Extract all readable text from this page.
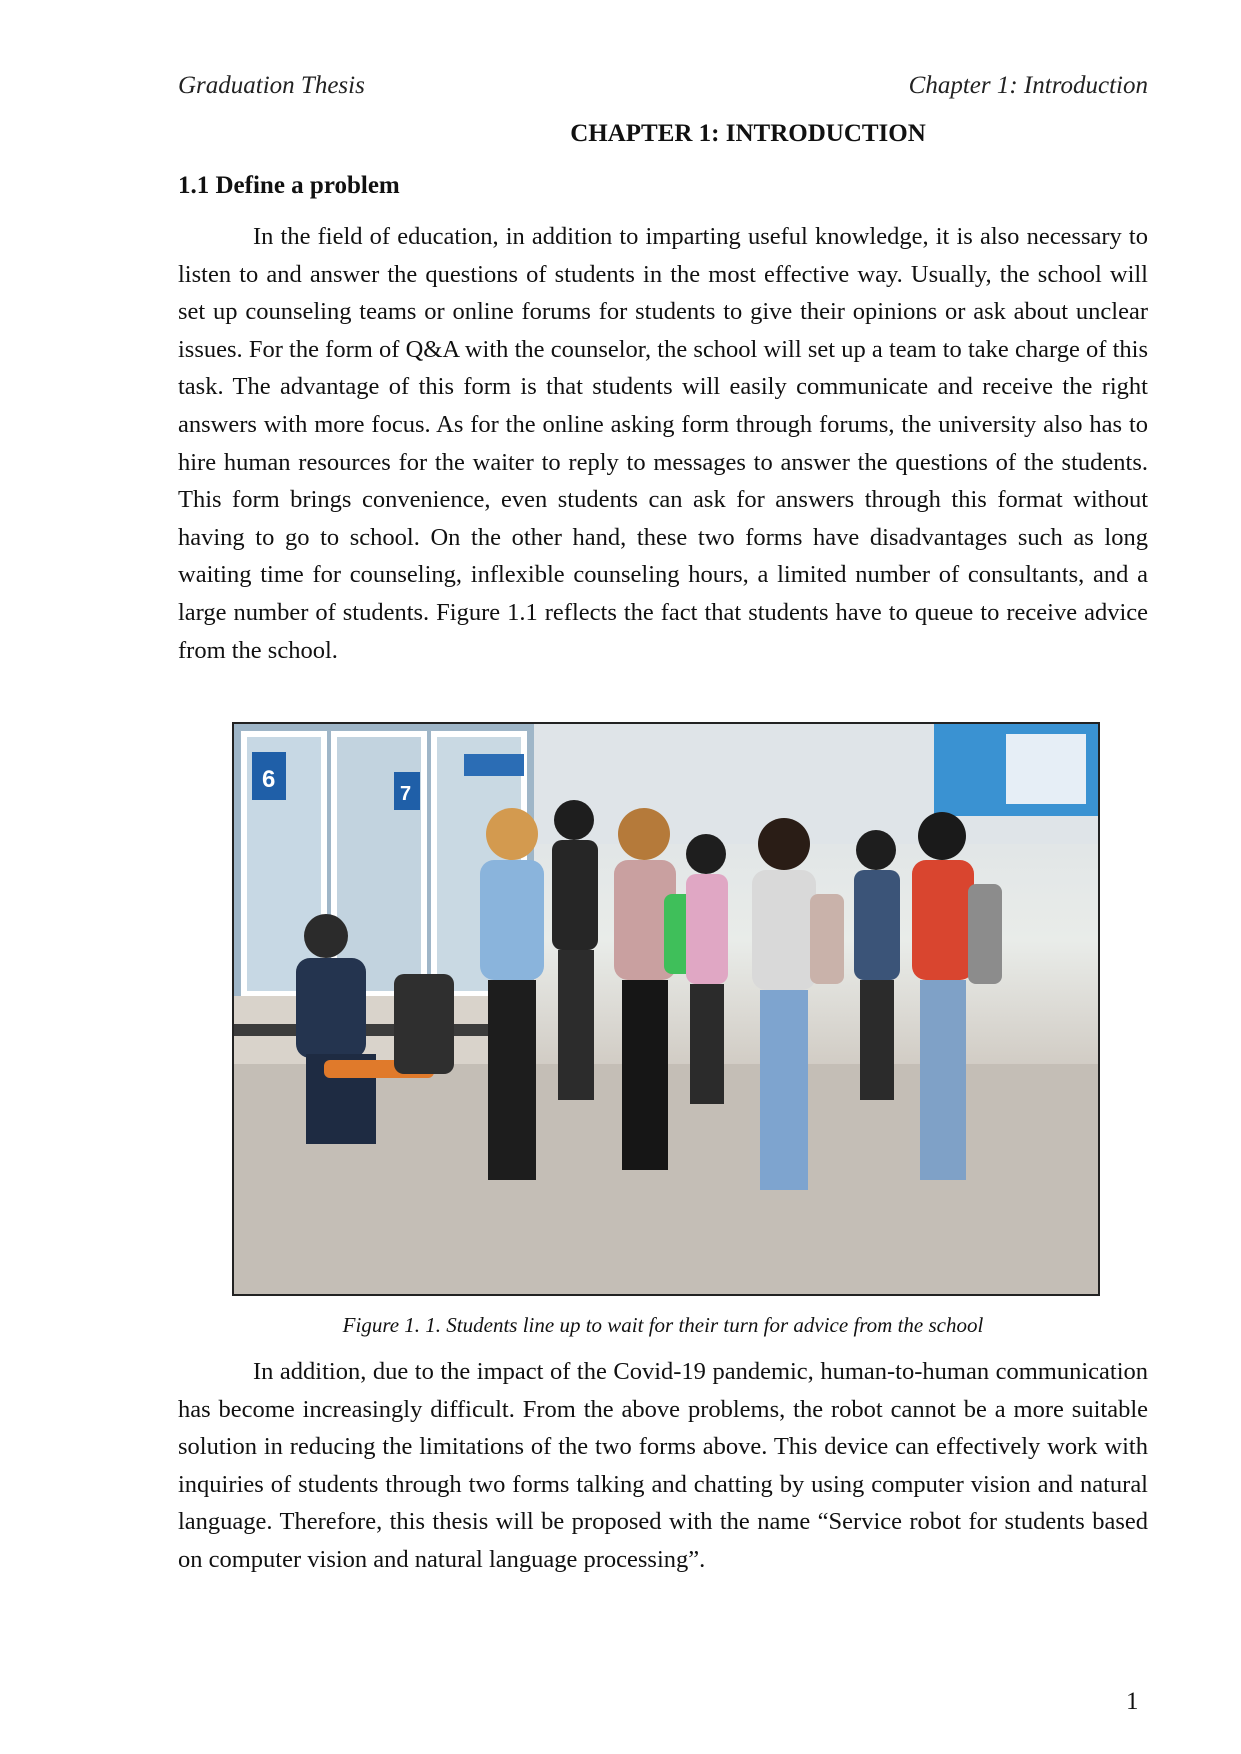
Graduation Thesis	Chapter 1: Introduction
CHAPTER 1: INTRODUCTION
1.1 Define a problem

In the field of education, in addition to imparting useful knowledge, it is also necessary to listen to and answer the questions of students in the most effective way. Usually, the school will set up counseling teams or online forums for students to give their opinions or ask about unclear issues. For the form of Q&A with the counselor, the school will set up a team to take charge of this task. The advantage of this form is that students will easily communicate and receive the right answers with more focus. As for the online asking form through forums, the university also has to hire human resources for the waiter to reply to messages to answer the questions of the students. This form brings convenience, even students can ask for answers through this format without having to go to school. On the other hand, these two forms have disadvantages such as long waiting time for counseling, inflexible counseling hours, a limited number of consultants, and a large number of students. Figure 1.1 reflects the fact that students have to queue to receive advice from the school.

6
7
Figure 1. 1. Students line up to wait for their turn for advice from the school

In addition, due to the impact of the Covid-19 pandemic, human-to-human communication has become increasingly difficult. From the above problems, the robot cannot be a more suitable solution in reducing the limitations of the two forms above. This device can effectively work with inquiries of students through two forms talking and chatting by using computer vision and natural language. Therefore, this thesis will be proposed with the name “Service robot for students based on computer vision and natural language processing”.

1
